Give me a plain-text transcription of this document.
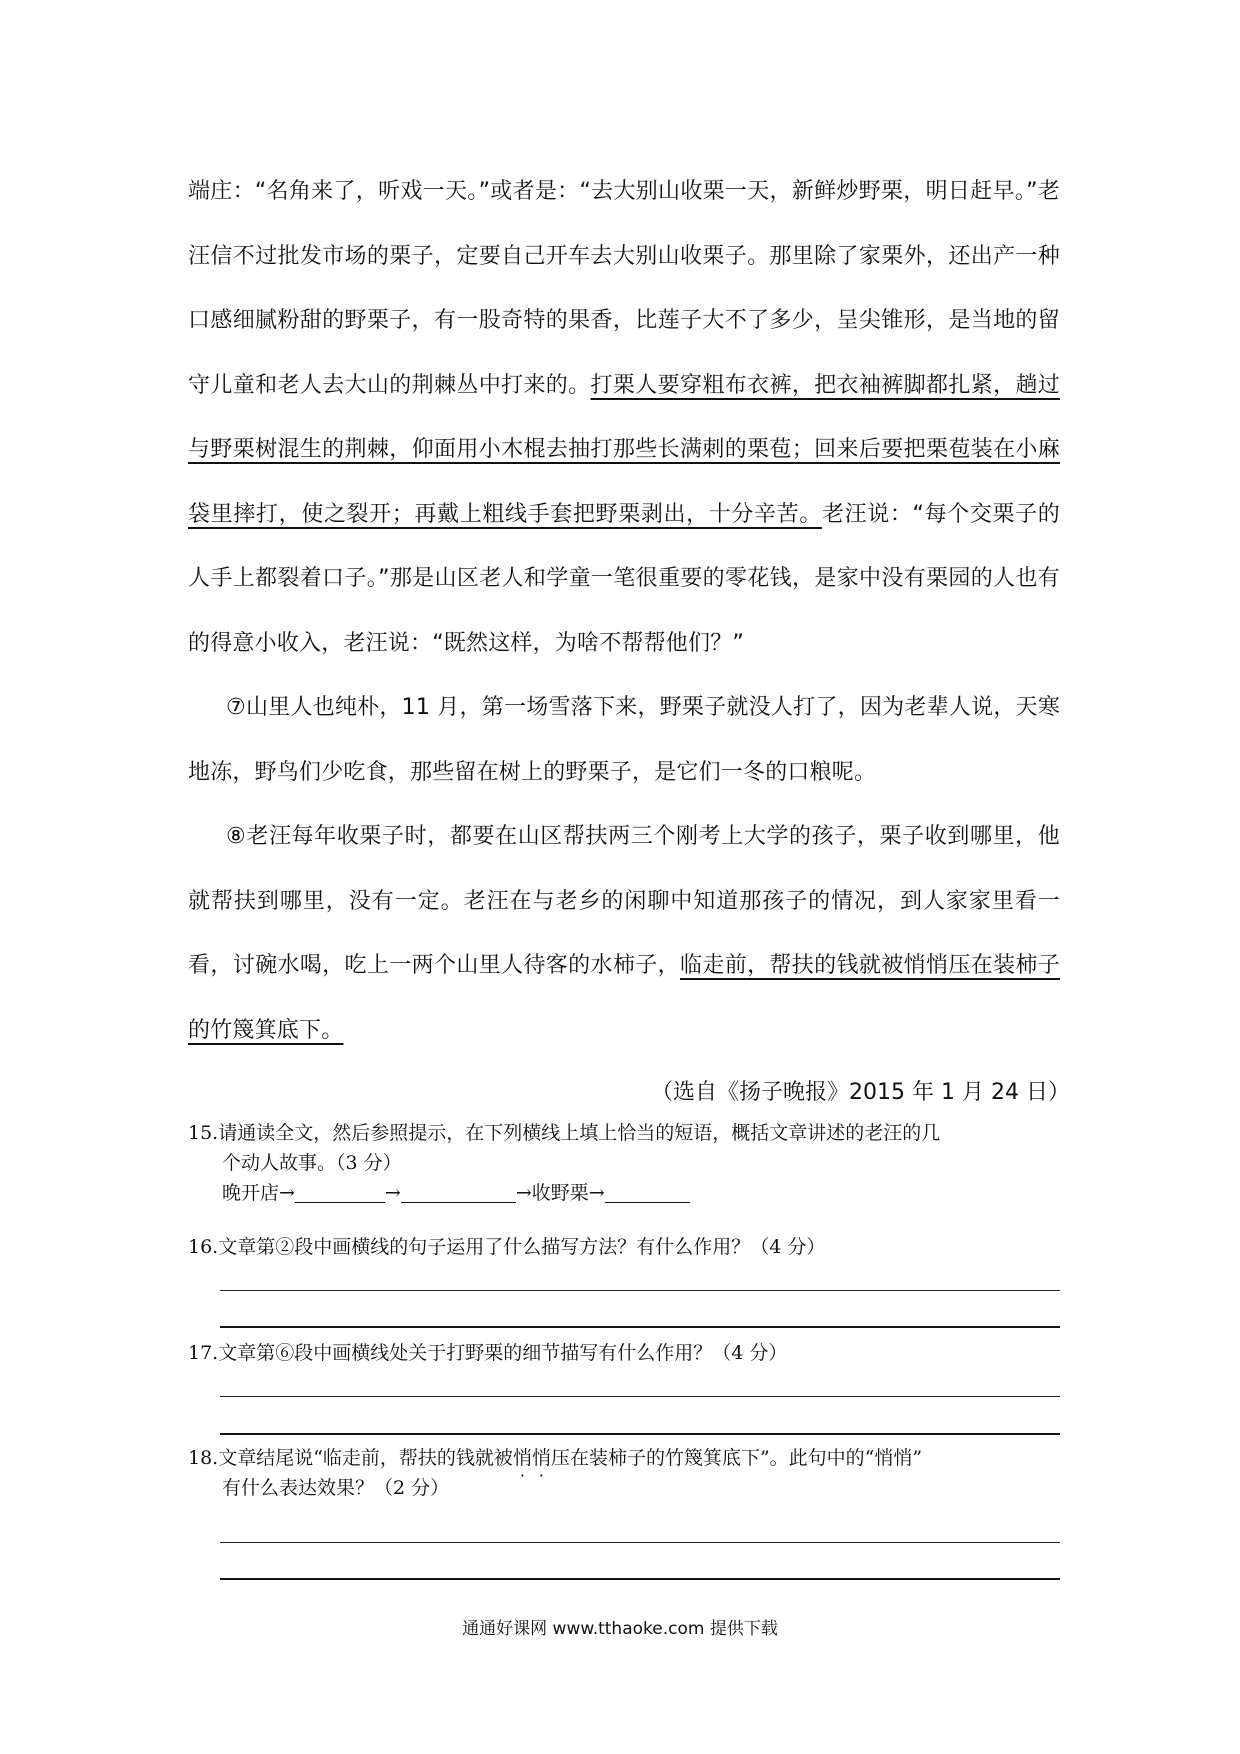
端庄：“名角来了，听戏一天。”或者是：“去大别山收栗一天，新鲜炒野栗，明日赶早。”老汪信不过批发市场的栗子，定要自己开车去大别山收栗子。那里除了家栗外，还出产一种口感细腻粉甜的野栗子，有一股奇特的果香，比莲子大不了多少，呈尖锥形，是当地的留守儿童和老人去大山的荆棘丛中打来的。打栗人要穿粗布衣裤，把衣袖裤脚都扎紧，趟过与野栗树混生的荆棘，仰面用小木棍去抽打那些长满刺的栗苞；回来后要把栗苞装在小麻袋里摔打，使之裂开；再戴上粗线手套把野栗剥出，十分辛苦。老汪说：“每个交栗子的人手上都裂着口子。”那是山区老人和学童一笔很重要的零花钱，是家中没有栗园的人也有的得意小收入，老汪说：“既然这样，为啥不帮帮他们？”

⑦山里人也纯朴，11 月，第一场雪落下来，野栗子就没人打了，因为老辈人说，天寒地冻，野鸟们少吃食，那些留在树上的野栗子，是它们一冬的口粮呢。

⑧老汪每年收栗子时，都要在山区帮扶两三个刚考上大学的孩子，栗子收到哪里，他就帮扶到哪里，没有一定。老汪在与老乡的闲聊中知道那孩子的情况，到人家家里看一看，讨碗水喝，吃上一两个山里人待客的水柿子，临走前，帮扶的钱就被悄悄压在装柿子的竹篾箕底下。

（选自《扬子晚报》2015 年 1 月 24 日）
15.请通读全文，然后参照提示，在下列横线上填上恰当的短语，概括文章讲述的老汪的几
个动人故事。（3 分）
晚开店→	→	→收野栗→
16.文章第②段中画横线的句子运用了什么描写方法？有什么作用？（4 分）
17.文章第⑥段中画横线处关于打野栗的细节描写有什么作用？（4 分）
18.文章结尾说“临走前，帮扶的钱就被悄悄压在装柿子的竹篾箕底下”。此句中的“悄悄”
有什么表达效果？（2 分）
通通好课网 www.tthaoke.com 提供下载
